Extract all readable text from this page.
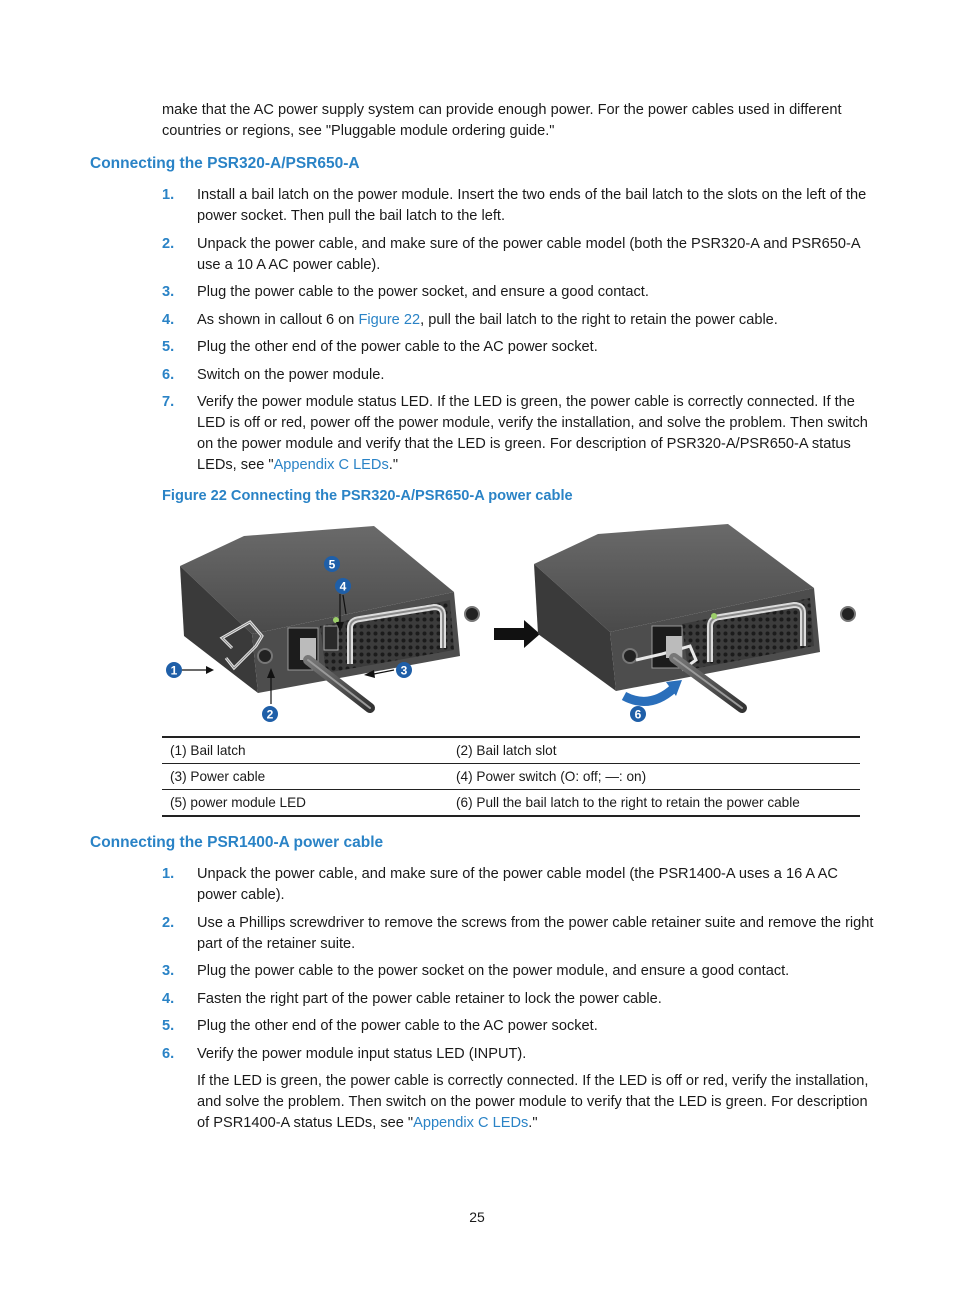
make that the AC power supply system can provide enough power. For the power cables used in different countries or regions, see "Pluggable module ordering guide."

Connecting the PSR320-A/PSR650-A
1. Install a bail latch on the power module. Insert the two ends of the bail latch to the slots on the left of the power socket. Then pull the bail latch to the left.
2. Unpack the power cable, and make sure of the power cable model (both the PSR320-A and PSR650-A use a 10 A AC power cable).
3. Plug the power cable to the power socket, and ensure a good contact.
4. As shown in callout 6 on Figure 22, pull the bail latch to the right to retain the power cable.
5. Plug the other end of the power cable to the AC power socket.
6. Switch on the power module.
7. Verify the power module status LED. If the LED is green, the power cable is correctly connected. If the LED is off or red, power off the power module, verify the installation, and solve the problem. Then switch on the power module and verify that the LED is green. For description of PSR320-A/PSR650-A status LEDs, see "Appendix C LEDs."

Figure 22 Connecting the PSR320-A/PSR650-A power cable

1
2
3
4
5
6
(1) Bail latch	(2) Bail latch slot
(3) Power cable	(4) Power switch (O: off; —: on)
(5) power module LED	(6) Pull the bail latch to the right to retain the power cable
Connecting the PSR1400-A power cable
1. Unpack the power cable, and make sure of the power cable model (the PSR1400-A uses a 16 A AC power cable).
2. Use a Phillips screwdriver to remove the screws from the power cable retainer suite and remove the right part of the retainer suite.
3. Plug the power cable to the power socket on the power module, and ensure a good contact.
4. Fasten the right part of the power cable retainer to lock the power cable.
5. Plug the other end of the power cable to the AC power socket.
6. Verify the power module input status LED (INPUT).

If the LED is green, the power cable is correctly connected. If the LED is off or red, verify the installation, and solve the problem. Then switch on the power module to verify that the LED is green. For description of PSR1400-A status LEDs, see "Appendix C LEDs."

25
